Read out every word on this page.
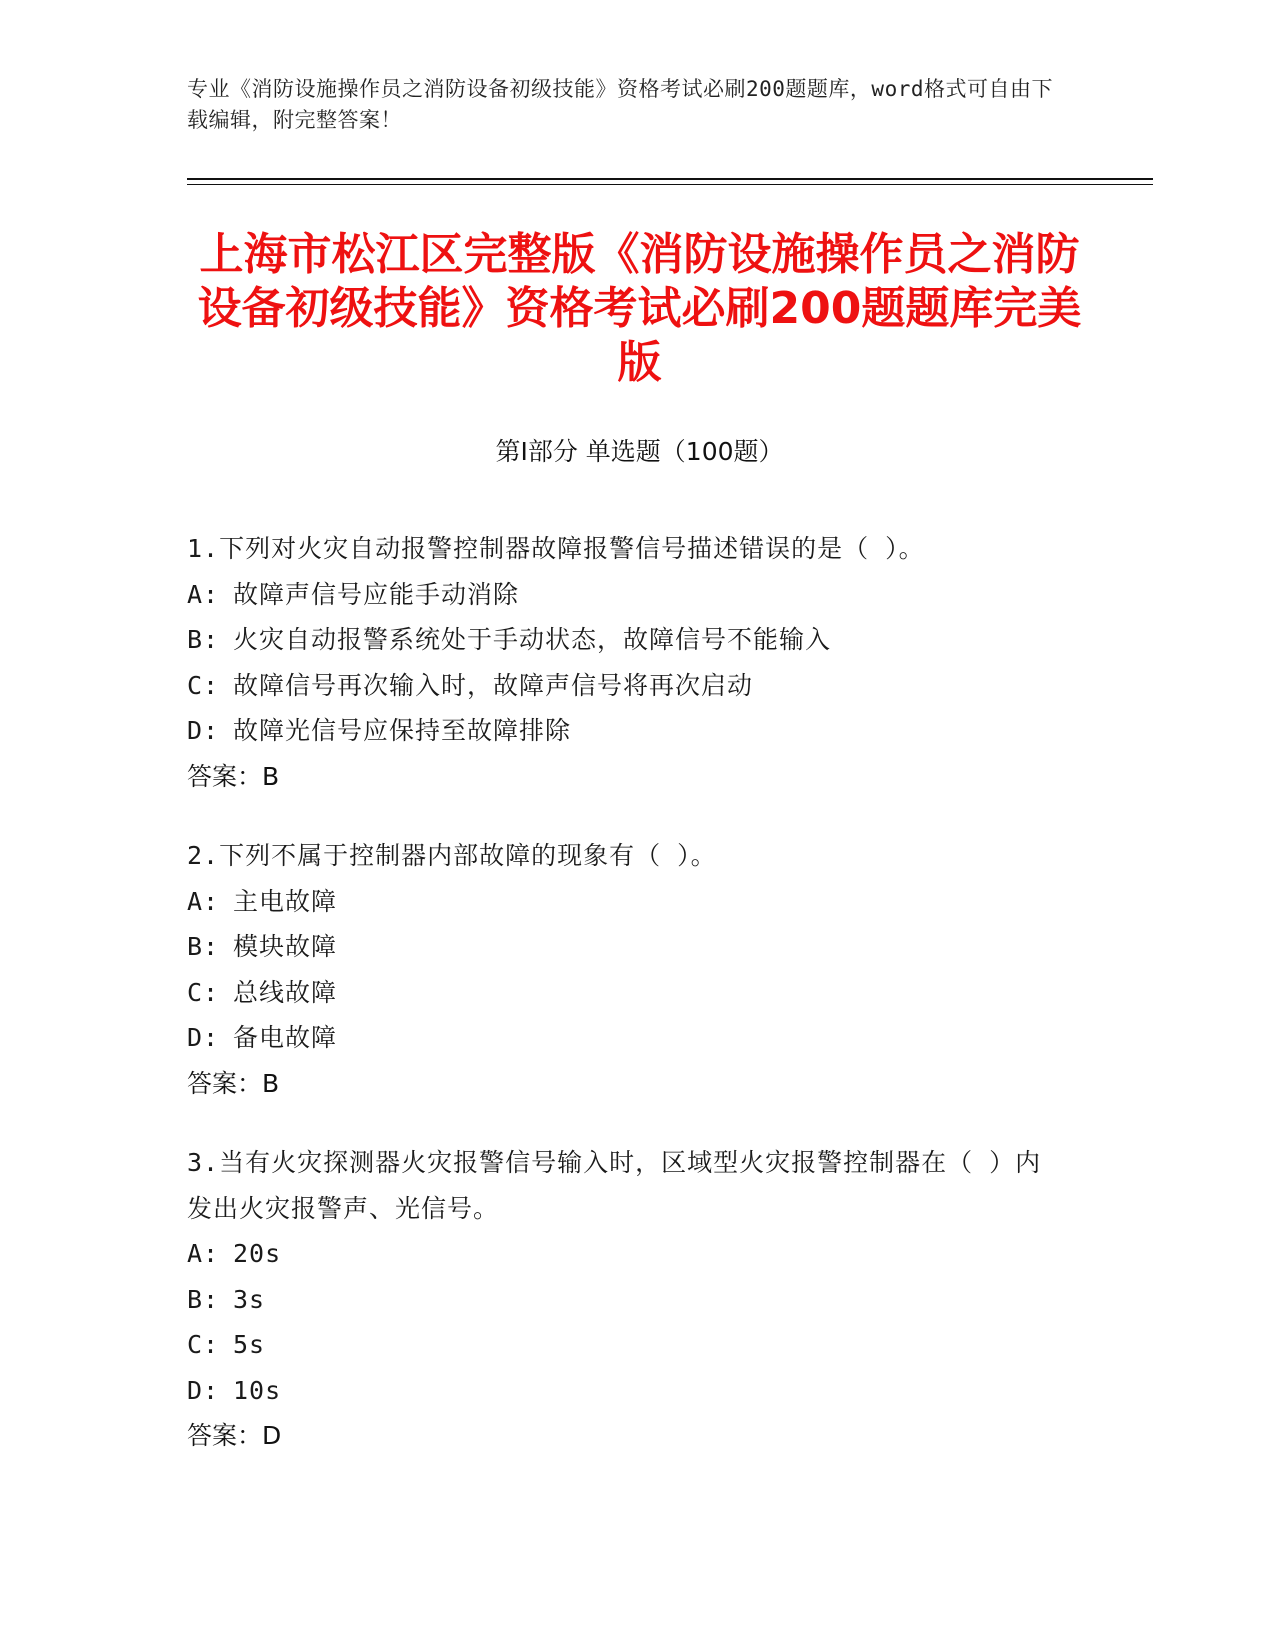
专业《消防设施操作员之消防设备初级技能》资格考试必刷200题题库，word格式可自由下载编辑，附完整答案！
上海市松江区完整版《消防设施操作员之消防设备初级技能》资格考试必刷200题题库完美版
第Ⅰ部分 单选题（100题）
1.下列对火灾自动报警控制器故障报警信号描述错误的是（ ）。
A: 故障声信号应能手动消除
B: 火灾自动报警系统处于手动状态，故障信号不能输入
C: 故障信号再次输入时，故障声信号将再次启动
D: 故障光信号应保持至故障排除
答案：B
2.下列不属于控制器内部故障的现象有（ ）。
A: 主电故障
B: 模块故障
C: 总线故障
D: 备电故障
答案：B
3.当有火灾探测器火灾报警信号输入时，区域型火灾报警控制器在（ ）内发出火灾报警声、光信号。
A: 20s
B: 3s
C: 5s
D: 10s
答案：D
